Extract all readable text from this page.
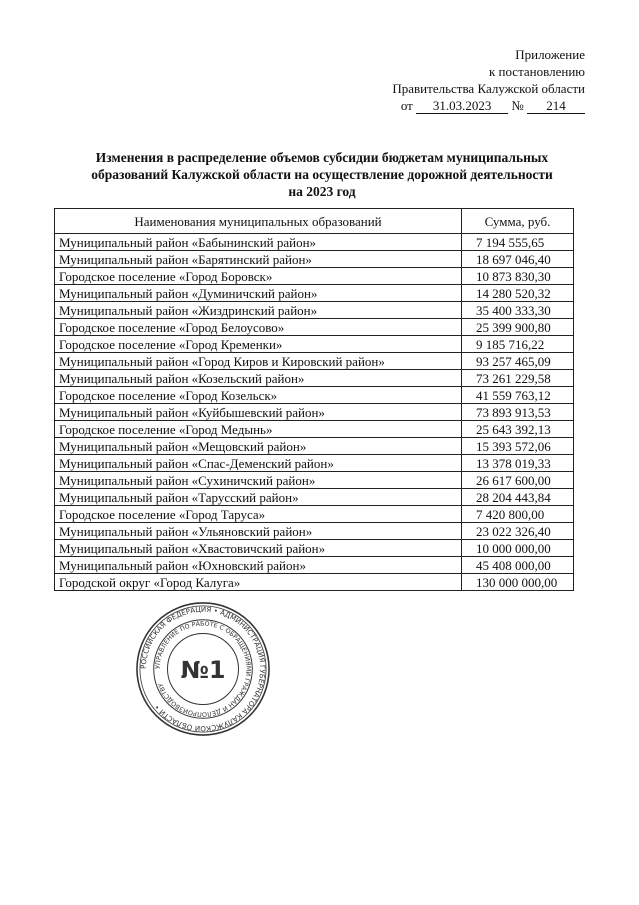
Приложение
к постановлению
Правительства Калужской области
от 31.03.2023 № 214
Изменения в распределение объемов субсидии бюджетам муниципальных
образований Калужской области на осуществление дорожной деятельности
на 2023 год
Наименования муниципальных образований	Сумма, руб.
Муниципальный район «Бабынинский район»	7 194 555,65
Муниципальный район «Барятинский район»	18 697 046,40
Городское поселение «Город Боровск»	10 873 830,30
Муниципальный район «Думиничский район»	14 280 520,32
Муниципальный район «Жиздринский район»	35 400 333,30
Городское поселение «Город Белоусово»	25 399 900,80
Городское поселение «Город Кременки»	9 185 716,22
Муниципальный район «Город Киров и Кировский район»	93 257 465,09
Муниципальный район «Козельский район»	73 261 229,58
Городское поселение «Город Козельск»	41 559 763,12
Муниципальный район «Куйбышевский район»	73 893 913,53
Городское поселение «Город Медынь»	25 643 392,13
Муниципальный район «Мещовский район»	15 393 572,06
Муниципальный район «Спас-Деменский район»	13 378 019,33
Муниципальный район «Сухиничский район»	26 617 600,00
Муниципальный район «Тарусский район»	28 204 443,84
Городское поселение «Город Таруса»	7 420 800,00
Муниципальный район «Ульяновский район»	23 022 326,40
Муниципальный район «Хвастовичский район»	10 000 000,00
Муниципальный район «Юхновский район»	45 408 000,00
Городской округ «Город Калуга»	130 000 000,00
РОССИЙСКАЯ ФЕДЕРАЦИЯ • АДМИНИСТРАЦИЯ ГУБЕРНАТОРА КАЛУЖСКОЙ ОБЛАСТИ •
УПРАВЛЕНИЕ ПО РАБОТЕ С ОБРАЩЕНИЯМИ ГРАЖДАН И ДЕЛОПРОИЗВОДСТВУ
№1
